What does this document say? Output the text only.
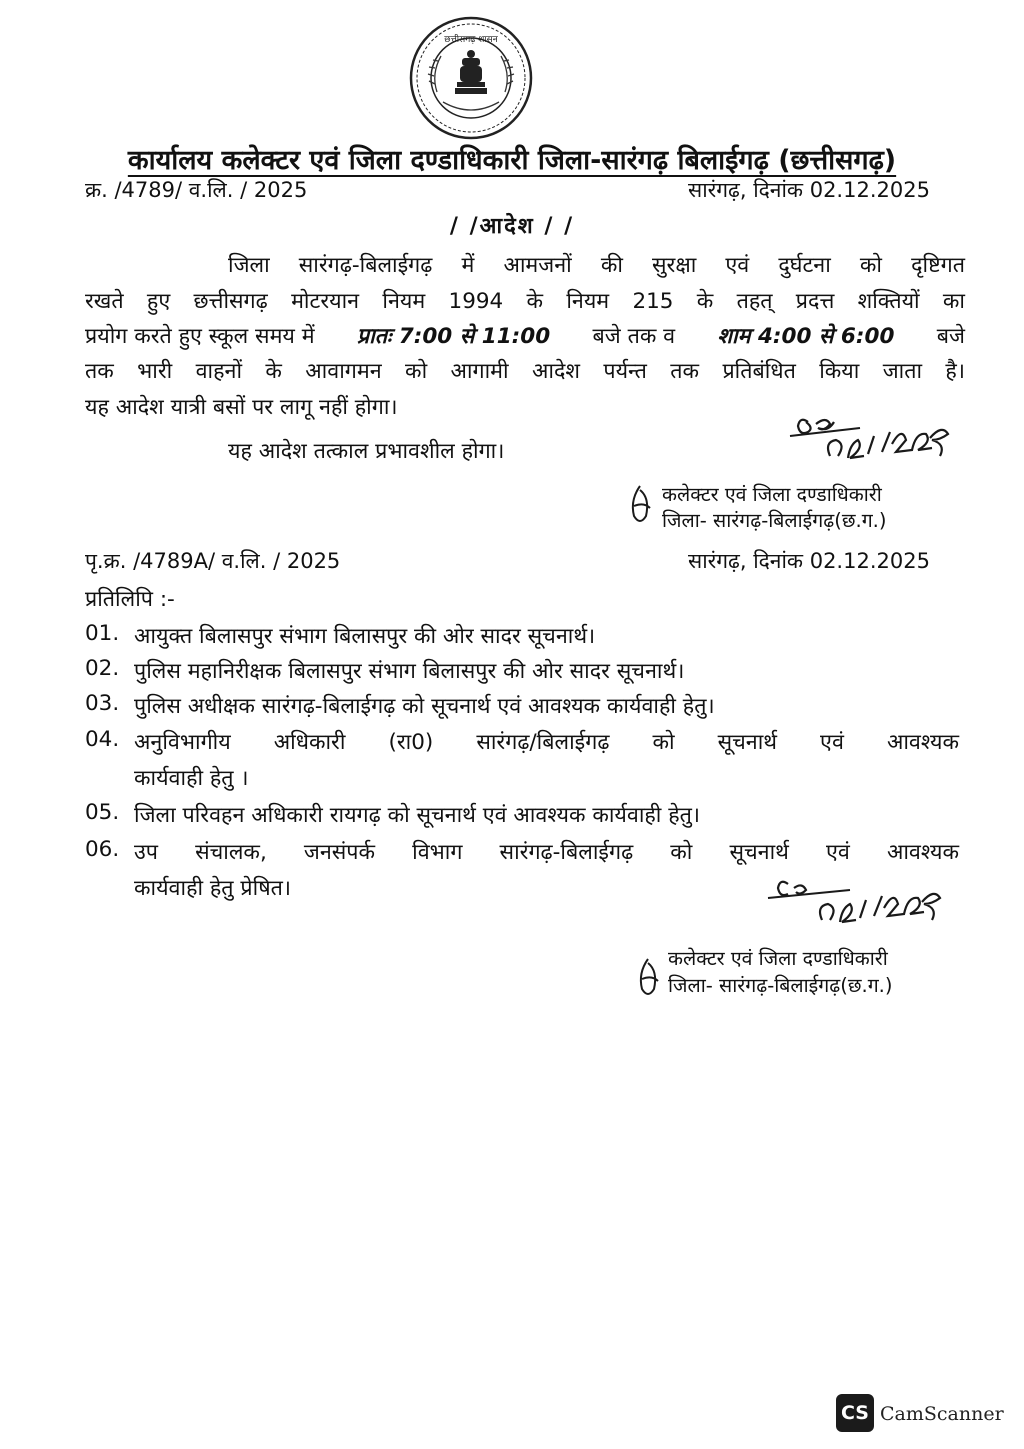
छत्तीसगढ़ शासन
कार्यालय कलेक्टर एवं जिला दण्डाधिकारी जिला-सारंगढ़ बिलाईगढ़ (छत्तीसगढ़)
क्र. /4789/ व.लि. / 2025	सारंगढ़, दिनांक 02.12.2025
/ /आदेश / /
जिला सारंगढ़-बिलाईगढ़ में आमजनों की सुरक्षा एवं दुर्घटना को दृष्टिगत
रखते हुए छत्तीसगढ़ मोटरयान नियम 1994 के नियम 215 के तहत् प्रदत्त शक्तियों का
प्रयोग करते हुए स्कूल समय में प्रातः 7:00 से 11:00 बजे तक व शाम 4:00 से 6:00 बजे
तक भारी वाहनों के आवागमन को आगामी आदेश पर्यन्त तक प्रतिबंधित किया जाता है।
यह आदेश यात्री बसों पर लागू नहीं होगा।
यह आदेश तत्काल प्रभावशील होगा।
कलेक्टर एवं जिला दण्डाधिकारी
जिला- सारंगढ़-बिलाईगढ़(छ.ग.)
पृ.क्र. /4789A/ व.लि. / 2025	सारंगढ़, दिनांक 02.12.2025
प्रतिलिपि :-
01. आयुक्त बिलासपुर संभाग बिलासपुर की ओर सादर सूचनार्थ।
02. पुलिस महानिरीक्षक बिलासपुर संभाग बिलासपुर की ओर सादर सूचनार्थ।
03. पुलिस अधीक्षक सारंगढ़-बिलाईगढ़ को सूचनार्थ एवं आवश्यक कार्यवाही हेतु।
04. अनुविभागीय अधिकारी (रा0) सारंगढ़/बिलाईगढ़ को सूचनार्थ एवं आवश्यक
कार्यवाही हेतु ।
05. जिला परिवहन अधिकारी रायगढ़ को सूचनार्थ एवं आवश्यक कार्यवाही हेतु।
06. उप संचालक, जनसंपर्क विभाग सारंगढ़-बिलाईगढ़ को सूचनार्थ एवं आवश्यक
कार्यवाही हेतु प्रेषित।
कलेक्टर एवं जिला दण्डाधिकारी
जिला- सारंगढ़-बिलाईगढ़(छ.ग.)
CS CamScanner
